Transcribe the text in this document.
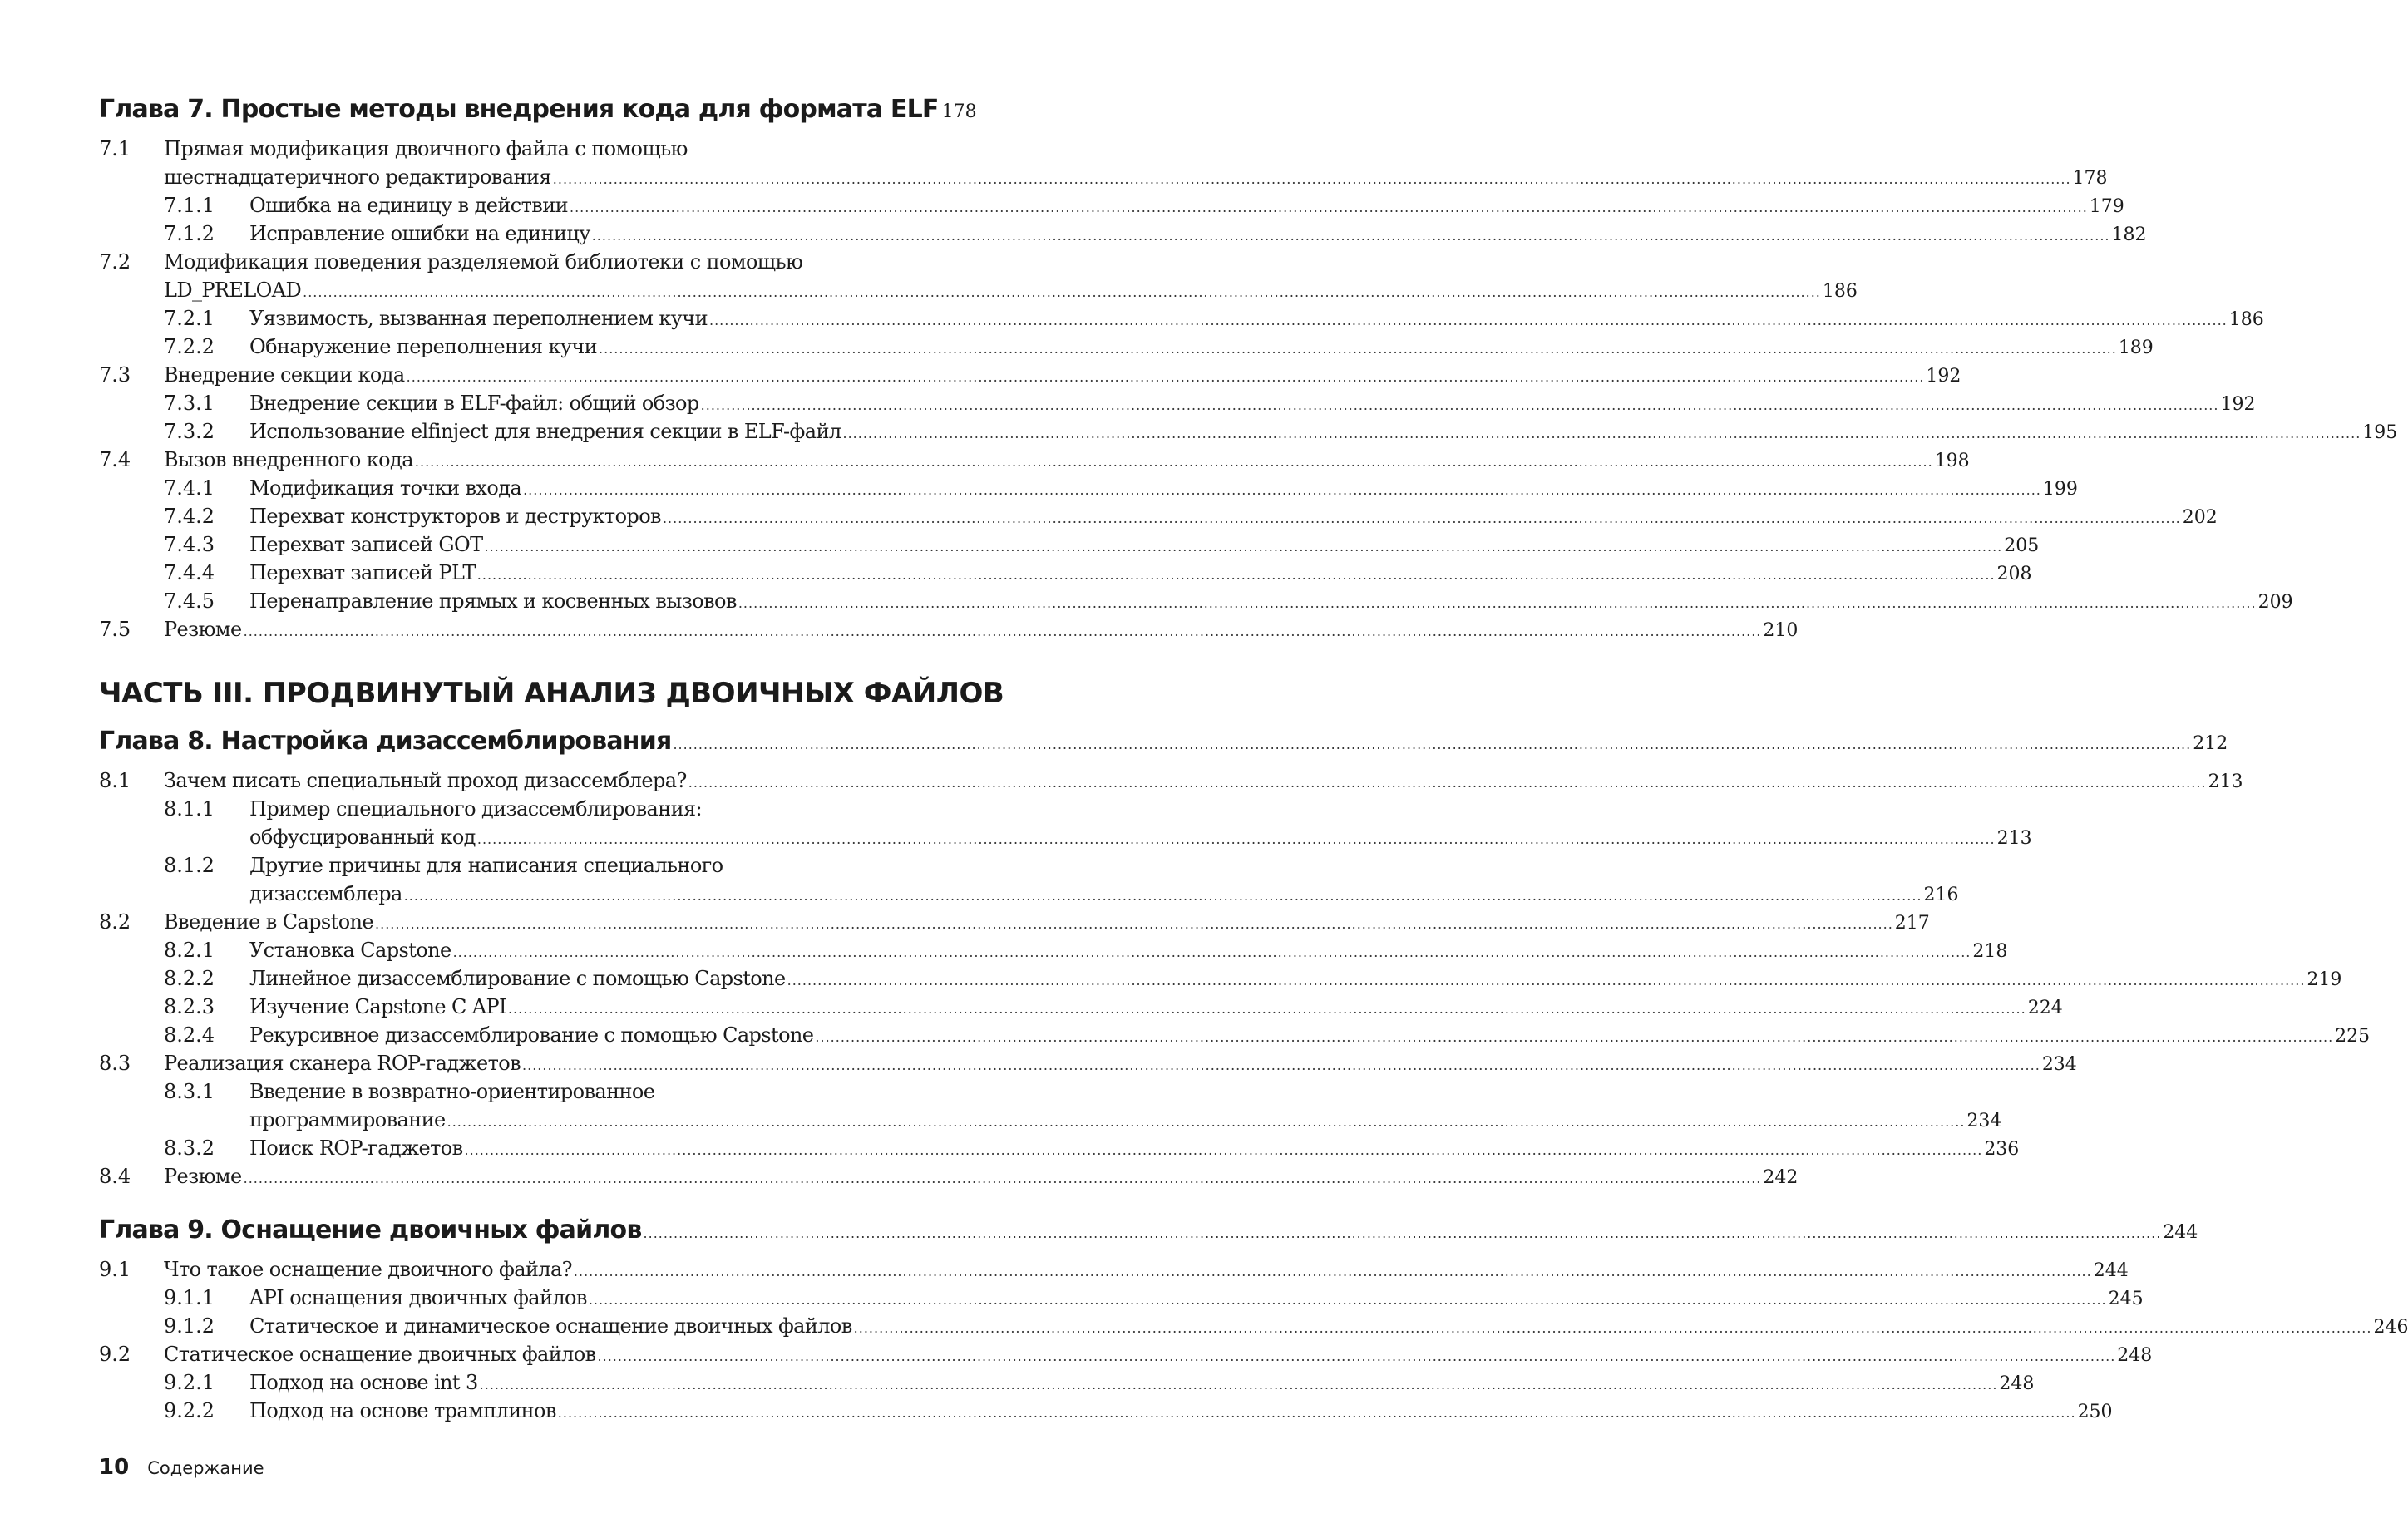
Глава 7. Простые методы внедрения кода для формата ELF 178
7.1 Прямая модификация двоичного файла с помощью
шестнадцатеричного редактирования ............................................................................................................................................................................................................................................................................................................ 178
7.1.1 Ошибка на единицу в действии ............................................................................................................................................................................................................................................................................................................ 179
7.1.2 Исправление ошибки на единицу ............................................................................................................................................................................................................................................................................................................ 182
7.2 Модификация поведения разделяемой библиотеки с помощью
LD_PRELOAD ............................................................................................................................................................................................................................................................................................................ 186
7.2.1 Уязвимость, вызванная переполнением кучи ............................................................................................................................................................................................................................................................................................................ 186
7.2.2 Обнаружение переполнения кучи ............................................................................................................................................................................................................................................................................................................ 189
7.3 Внедрение секции кода ............................................................................................................................................................................................................................................................................................................ 192
7.3.1 Внедрение секции в ELF-файл: общий обзор ............................................................................................................................................................................................................................................................................................................ 192
7.3.2 Использование elfinject для внедрения секции в ELF-файл ............................................................................................................................................................................................................................................................................................................ 195
7.4 Вызов внедренного кода ............................................................................................................................................................................................................................................................................................................ 198
7.4.1 Модификация точки входа ............................................................................................................................................................................................................................................................................................................ 199
7.4.2 Перехват конструкторов и деструкторов ............................................................................................................................................................................................................................................................................................................ 202
7.4.3 Перехват записей GOT ............................................................................................................................................................................................................................................................................................................ 205
7.4.4 Перехват записей PLT ............................................................................................................................................................................................................................................................................................................ 208
7.4.5 Перенаправление прямых и косвенных вызовов ............................................................................................................................................................................................................................................................................................................ 209
7.5 Резюме ............................................................................................................................................................................................................................................................................................................ 210
ЧАСТЬ III. ПРОДВИНУТЫЙ АНАЛИЗ ДВОИЧНЫХ ФАЙЛОВ
Глава 8. Настройка дизассемблирования ............................................................................................................................................................................................................................................................................................................ 212
8.1 Зачем писать специальный проход дизассемблера? ............................................................................................................................................................................................................................................................................................................ 213
8.1.1 Пример специального дизассемблирования:
обфусцированный код ............................................................................................................................................................................................................................................................................................................ 213
8.1.2 Другие причины для написания специального
дизассемблера ............................................................................................................................................................................................................................................................................................................ 216
8.2 Введение в Capstone ............................................................................................................................................................................................................................................................................................................ 217
8.2.1 Установка Capstone ............................................................................................................................................................................................................................................................................................................ 218
8.2.2 Линейное дизассемблирование с помощью Capstone ............................................................................................................................................................................................................................................................................................................ 219
8.2.3 Изучение Capstone C API ............................................................................................................................................................................................................................................................................................................ 224
8.2.4 Рекурсивное дизассемблирование с помощью Capstone ............................................................................................................................................................................................................................................................................................................ 225
8.3 Реализация сканера ROP-гаджетов ............................................................................................................................................................................................................................................................................................................ 234
8.3.1 Введение в возвратно-ориентированное
программирование ............................................................................................................................................................................................................................................................................................................ 234
8.3.2 Поиск ROP-гаджетов ............................................................................................................................................................................................................................................................................................................ 236
8.4 Резюме ............................................................................................................................................................................................................................................................................................................ 242
Глава 9. Оснащение двоичных файлов ............................................................................................................................................................................................................................................................................................................ 244
9.1 Что такое оснащение двоичного файла? ............................................................................................................................................................................................................................................................................................................ 244
9.1.1 API оснащения двоичных файлов ............................................................................................................................................................................................................................................................................................................ 245
9.1.2 Статическое и динамическое оснащение двоичных файлов ............................................................................................................................................................................................................................................................................................................ 246
9.2 Статическое оснащение двоичных файлов ............................................................................................................................................................................................................................................................................................................ 248
9.2.1 Подход на основе int 3 ............................................................................................................................................................................................................................................................................................................ 248
9.2.2 Подход на основе трамплинов ............................................................................................................................................................................................................................................................................................................ 250
10 Содержание
